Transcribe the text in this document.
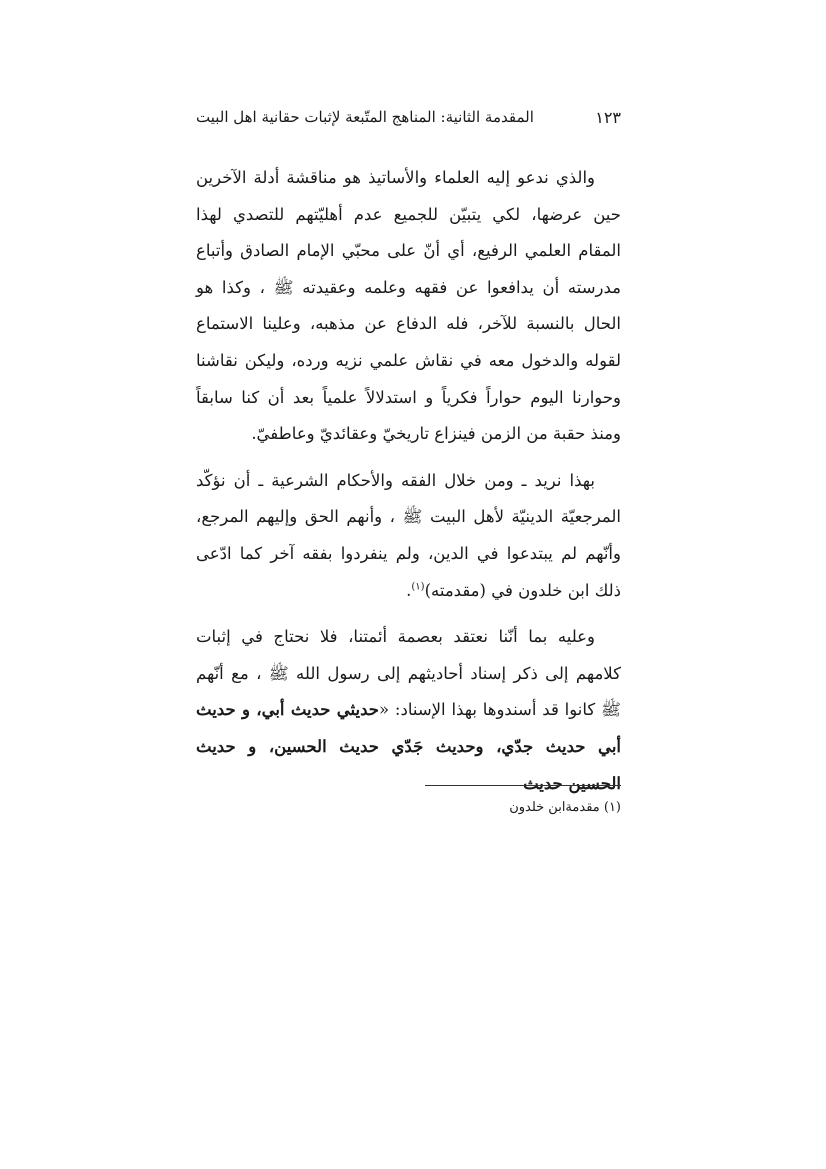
١٢٣
المقدمة الثانية: المناهج المتّبعة لإثبات حقانية اهل البيت

والذي ندعو إليه العلماء والأساتيذ هو مناقشة أدلة الآخرين حين عرضها، لكي يتبيّن للجميع عدم أهليّتهم للتصدي لهذا المقام العلمي الرفيع، أي أنّ على محبّي الإمام الصادق وأتباع مدرسته أن يدافعوا عن فقهه وعلمه وعقيدته ﷺ ، وكذا هو الحال بالنسبة للآخر، فله الدفاع عن مذهبه، وعلينا الاستماع لقوله والدخول معه في نقاش علمي نزيه ورده، وليكن نقاشنا وحوارنا اليوم حواراً فكرياً و استدلالاً علمياً بعد أن كنا سابقاً ومنذ حقبة من الزمن فينزاع تاريخيّ وعقائديّ وعاطفيّ.

بهذا نريد ـ ومن خلال الفقه والأحكام الشرعية ـ أن نؤكّد المرجعيّة الدينيّة لأهل البيت ﷺ ، وأنهم الحق وإليهم المرجع، وأنّهم لم يبتدعوا في الدين، ولم ينفردوا بفقه آخر كما ادّعى ذلك ابن خلدون في (مقدمته)$^{(١)}$.

وعليه بما أنّنا نعتقد بعصمة أئمتنا، فلا نحتاج في إثبات كلامهم إلى ذكر إسناد أحاديثهم إلى رسول الله ﷺ ، مع أنّهم ﷺ كانوا قد أسندوها بهذا الإسناد: «حديثي حديث أبي، و حديث أبي حديث جدّي، وحديث جَدّي حديث الحسين، و حديث الحسين حديث

(١) مقدمةابن خلدون
